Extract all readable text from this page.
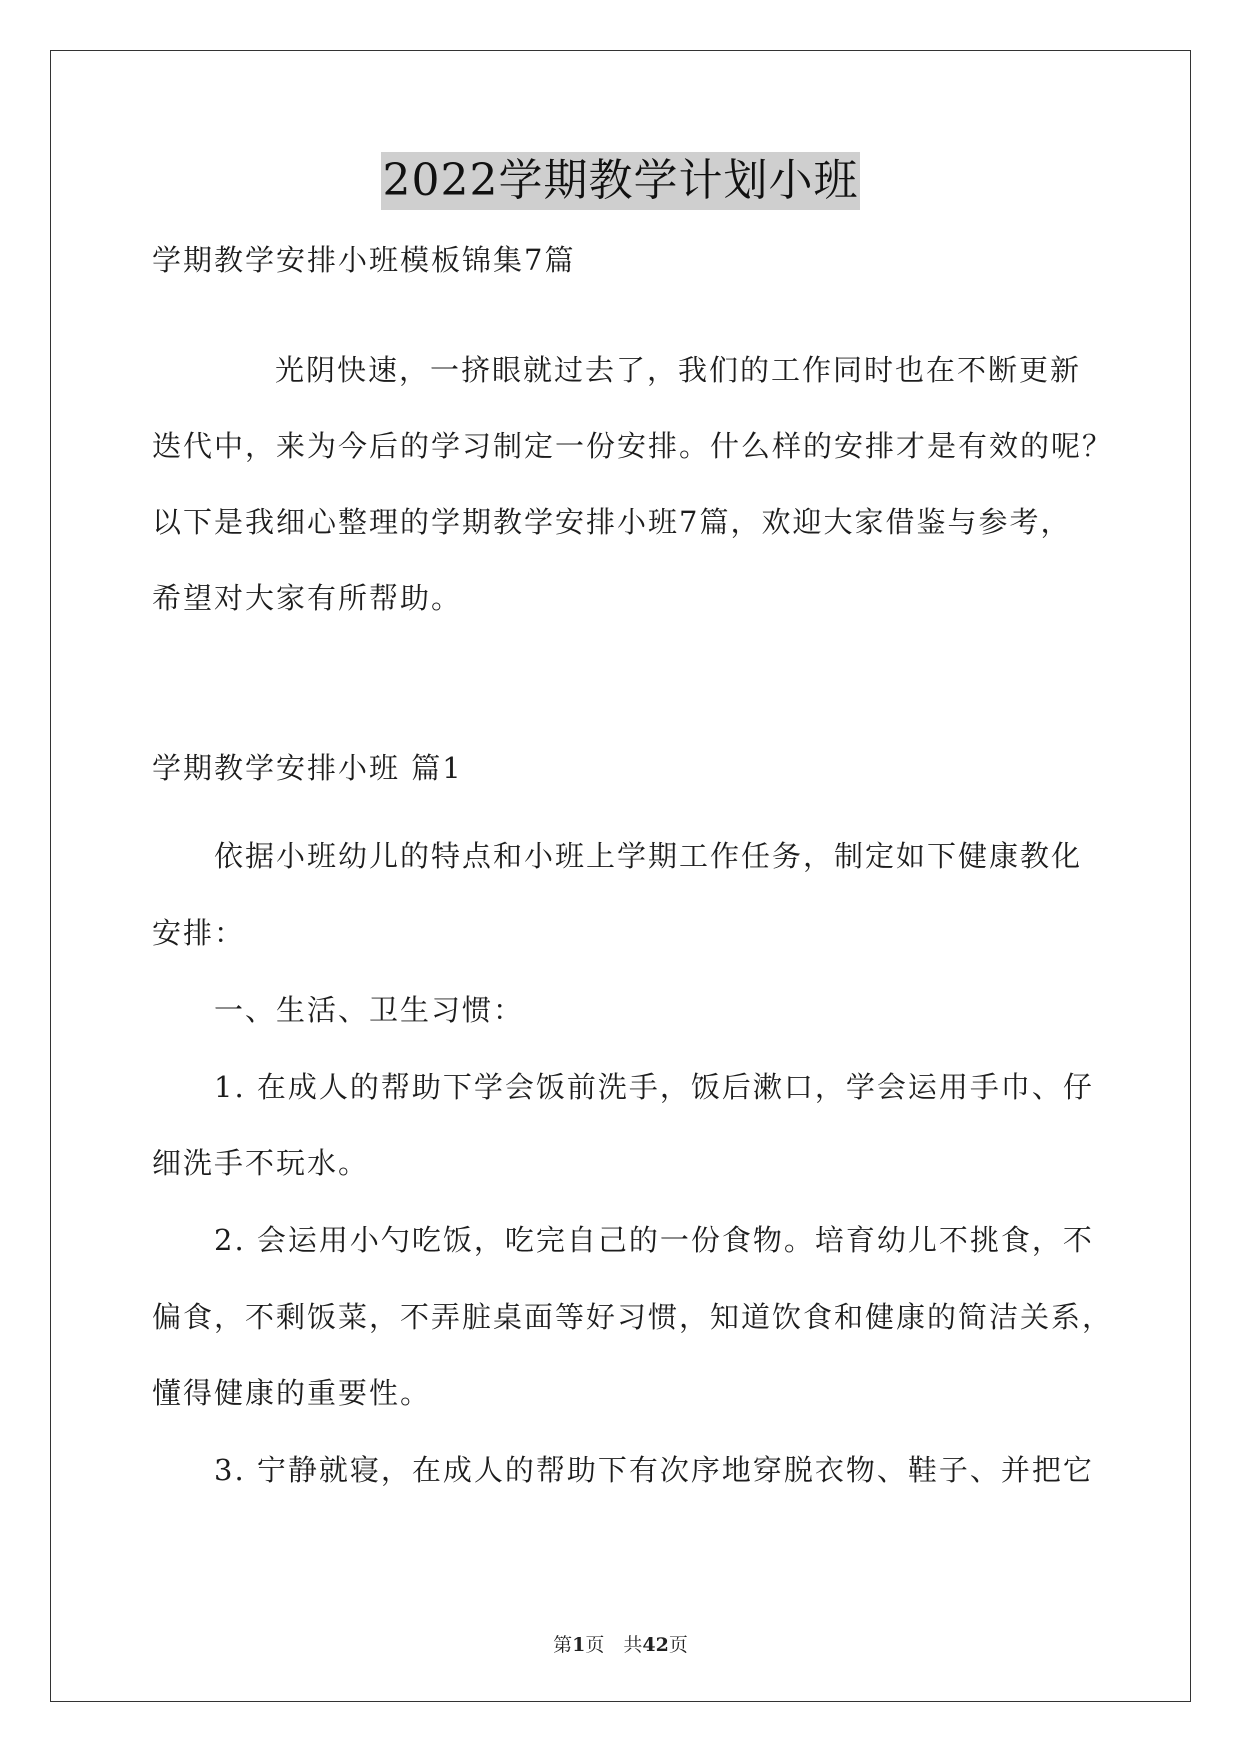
2022学期教学计划小班
学期教学安排小班模板锦集7篇
光阴快速，一挤眼就过去了，我们的工作同时也在不断更新
迭代中，来为今后的学习制定一份安排。什么样的安排才是有效的呢？
以下是我细心整理的学期教学安排小班7篇，欢迎大家借鉴与参考，
希望对大家有所帮助。
学期教学安排小班 篇1
依据小班幼儿的特点和小班上学期工作任务，制定如下健康教化
安排：
一、生活、卫生习惯：
1. 在成人的帮助下学会饭前洗手，饭后漱口，学会运用手巾、仔
细洗手不玩水。
2. 会运用小勺吃饭，吃完自己的一份食物。培育幼儿不挑食，不
偏食，不剩饭菜，不弄脏桌面等好习惯，知道饮食和健康的简洁关系，
懂得健康的重要性。
3. 宁静就寝，在成人的帮助下有次序地穿脱衣物、鞋子、并把它
第1页　共42页
